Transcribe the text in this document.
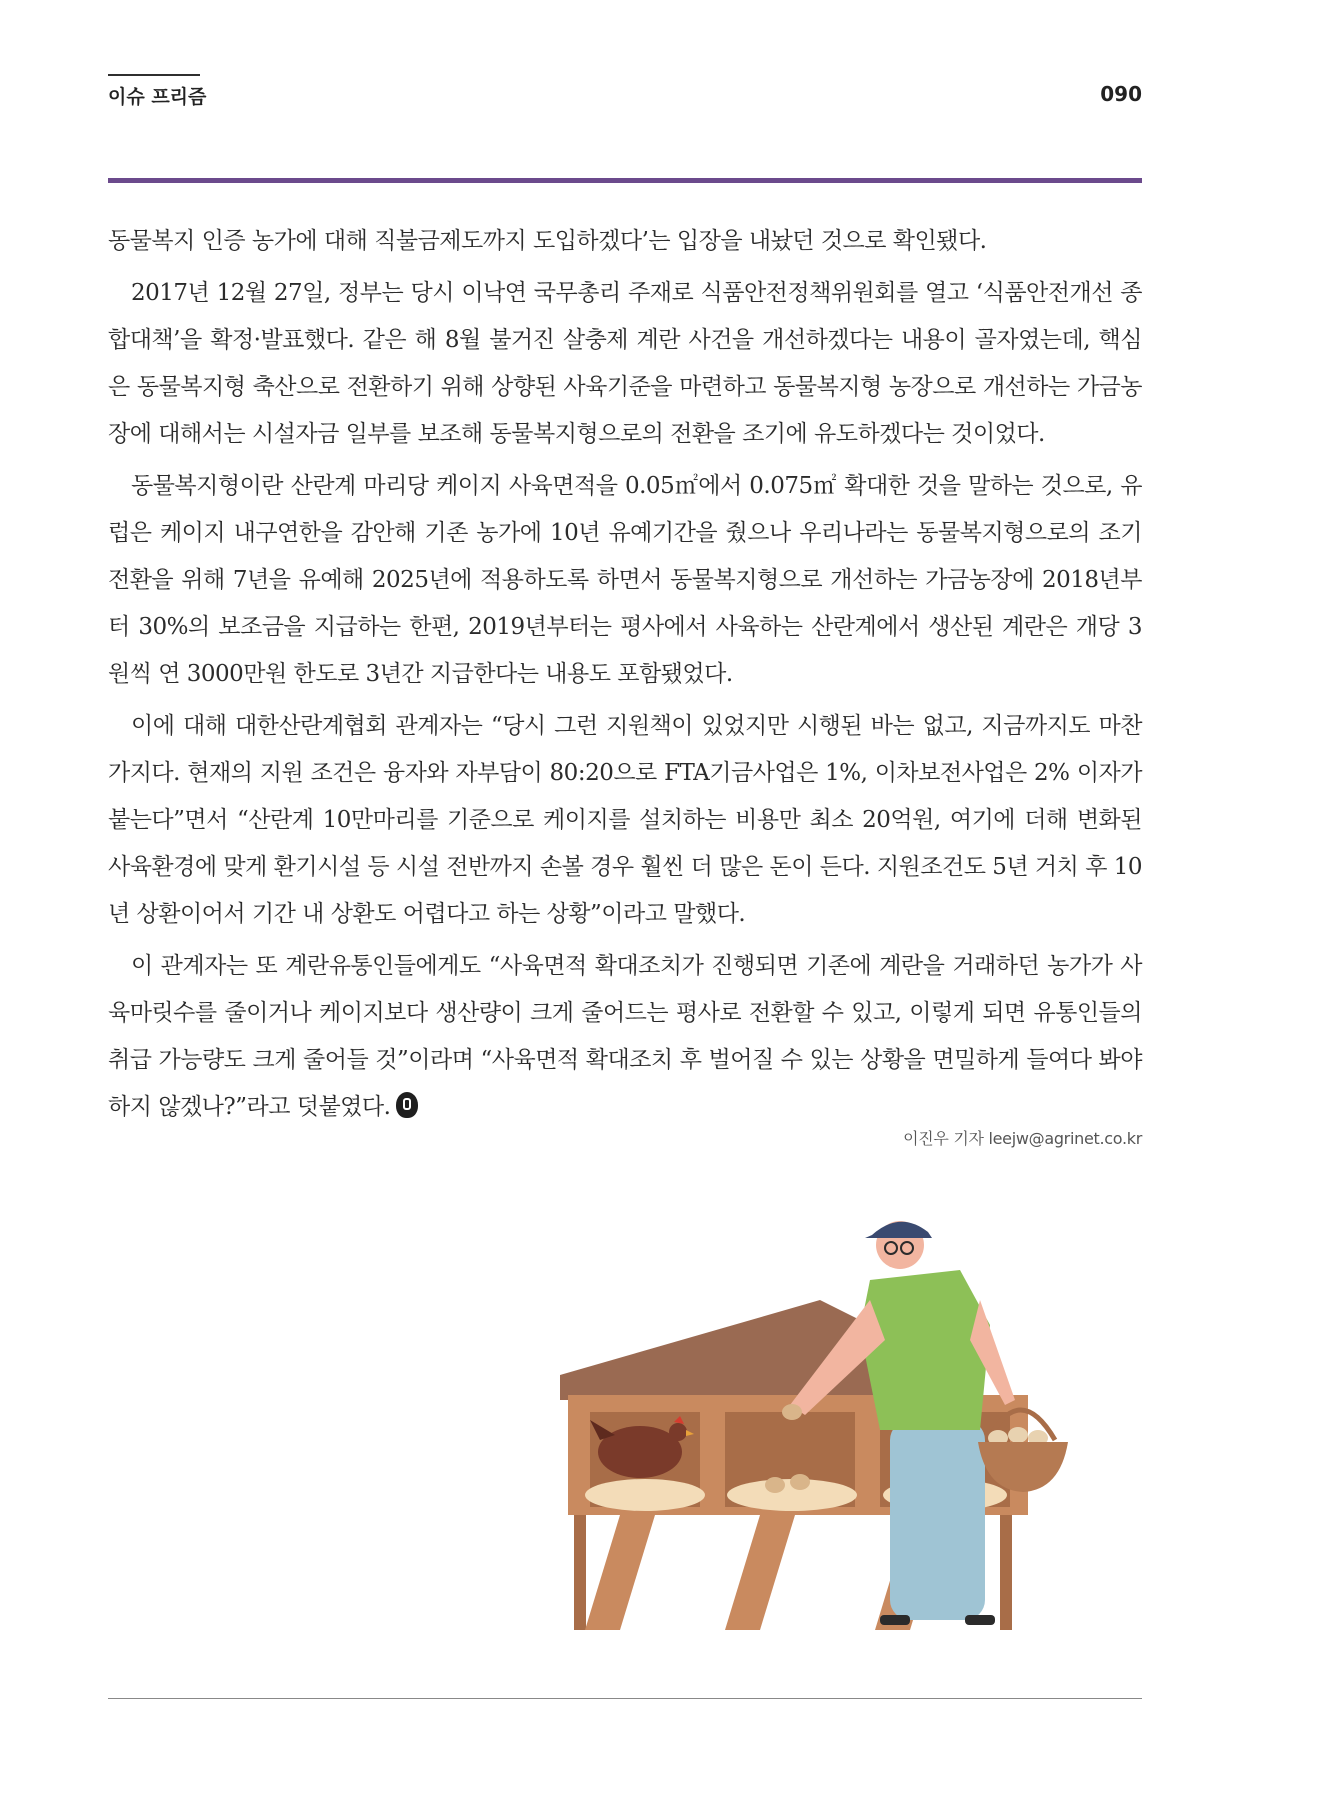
이슈 프리즘	090

동물복지 인증 농가에 대해 직불금제도까지 도입하겠다’는 입장을 내놨던 것으로 확인됐다.

2017년 12월 27일, 정부는 당시 이낙연 국무총리 주재로 식품안전정책위원회를 열고 ‘식품안전개선 종합대책’을 확정·발표했다. 같은 해 8월 불거진 살충제 계란 사건을 개선하겠다는 내용이 골자였는데, 핵심은 동물복지형 축산으로 전환하기 위해 상향된 사육기준을 마련하고 동물복지형 농장으로 개선하는 가금농장에 대해서는 시설자금 일부를 보조해 동물복지형으로의 전환을 조기에 유도하겠다는 것이었다.

동물복지형이란 산란계 마리당 케이지 사육면적을 0.05㎡에서 0.075㎡ 확대한 것을 말하는 것으로, 유럽은 케이지 내구연한을 감안해 기존 농가에 10년 유예기간을 줬으나 우리나라는 동물복지형으로의 조기 전환을 위해 7년을 유예해 2025년에 적용하도록 하면서 동물복지형으로 개선하는 가금농장에 2018년부터 30%의 보조금을 지급하는 한편, 2019년부터는 평사에서 사육하는 산란계에서 생산된 계란은 개당 3원씩 연 3000만원 한도로 3년간 지급한다는 내용도 포함됐었다.

이에 대해 대한산란계협회 관계자는 “당시 그런 지원책이 있었지만 시행된 바는 없고, 지금까지도 마찬가지다. 현재의 지원 조건은 융자와 자부담이 80:20으로 FTA기금사업은 1%, 이차보전사업은 2% 이자가 붙는다”면서 “산란계 10만마리를 기준으로 케이지를 설치하는 비용만 최소 20억원, 여기에 더해 변화된 사육환경에 맞게 환기시설 등 시설 전반까지 손볼 경우 훨씬 더 많은 돈이 든다. 지원조건도 5년 거치 후 10년 상환이어서 기간 내 상환도 어렵다고 하는 상황”이라고 말했다.

이 관계자는 또 계란유통인들에게도 “사육면적 확대조치가 진행되면 기존에 계란을 거래하던 농가가 사육마릿수를 줄이거나 케이지보다 생산량이 크게 줄어드는 평사로 전환할 수 있고, 이렇게 되면 유통인들의 취급 가능량도 크게 줄어들 것”이라며 “사육면적 확대조치 후 벌어질 수 있는 상황을 면밀하게 들여다 봐야 하지 않겠나?”라고 덧붙였다.

이진우 기자 leejw@agrinet.co.kr
